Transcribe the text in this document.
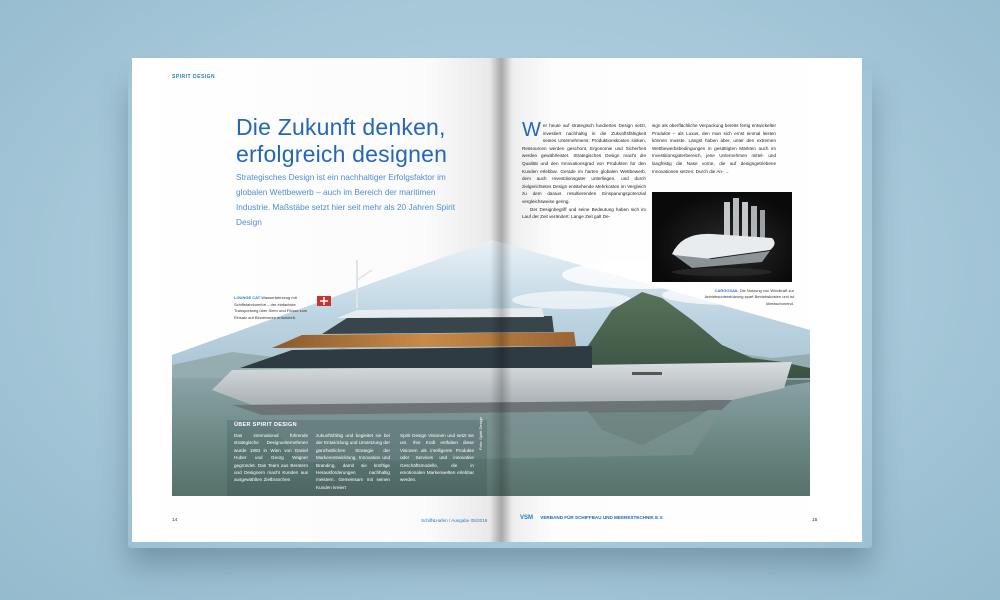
SPIRIT DESIGN
Die Zukunft denken,
erfolgreich designen
Strategisches Design ist ein nachhaltiger Erfolgsfaktor im globalen Wettbewerb – auch im Bereich der maritimen Industrie. Maßstäbe setzt hier seit mehr als 20 Jahren Spirit Design
LOUNGE CAT Wasserfahrzeug mit Schiffsfahrkomfort – der einfachste Transportweg über Seen und Flüsse zum Einsatz auf Binnenseen entwickelt.
ÜBER SPIRIT DESIGN
Das international führende strategische Designunternehmen wurde 1993 in Wien von Daniel Huber und Georg Wagner gegründet. Das Team aus Beratern und Designern macht Kunden aus ausgewählten Zielbranchen
zukunftsfähig und begleitet sie bei der Entwicklung und Umsetzung der ganzheitlichen Strategie der Markenentwicklung, Innovation und Branding, damit sie künftige Herausforderungen nachhaltig meistern. Gemeinsam mit seinen Kunden kreiert
Spirit Design Visionen und setzt sie um. Ihre Kraft entfalten diese Visionen als intelligente Produkte oder Services und innovative Geschäftsmodelle, die in emotionalen Markenwelten erlebbar werden.
Foto: Spirit Design
14	Schiff&Hafen / Ausgabe 05/2016
W er heute auf strategisch fundiertes Design setzt, investiert nachhaltig in die Zukunftsfähigkeit seines Unternehmens: Produktionskosten sinken, Ressourcen werden geschont, Ergonomie und Sicherheit werden gewährleistet. Strategisches Design macht die Qualität und den Innovationsgrad von Produkten für den Kunden erlebbar. Gerade im harten globalen Wettbewerb, dem auch Investitionsgüter unterliegen, und durch zielgerichtetes Design entstehende Mehrkosten im Vergleich zu dem daraus resultierenden Einsparungspotenzial vergleichsweise gering.
Der Designbegriff und seine Bedeutung haben sich im Lauf der Zeit verändert: Lange Zeit galt De-
sign als oberflächliche Verpackung bereits fertig entwickelter Produkte – als Luxus, den man sich ernst einmal leisten können musste. Längst haben aber, unter den extremen Wettbewerbsbedingungen in gesättigten Märkten auch im Investitionsgüterbereich, jene Unternehmen mittel- und langfristig die Nase vorne, die auf designgetriebene Innovationen setzen: Durch die An- →
CARGOSAIL Die Nutzung von Windkraft zur Antriebsunterstützung spart Betriebskosten und ist klimaschonend.
VSM VERBAND FÜR SCHIFFBAU UND MEERESTECHNIK E.V.
15
